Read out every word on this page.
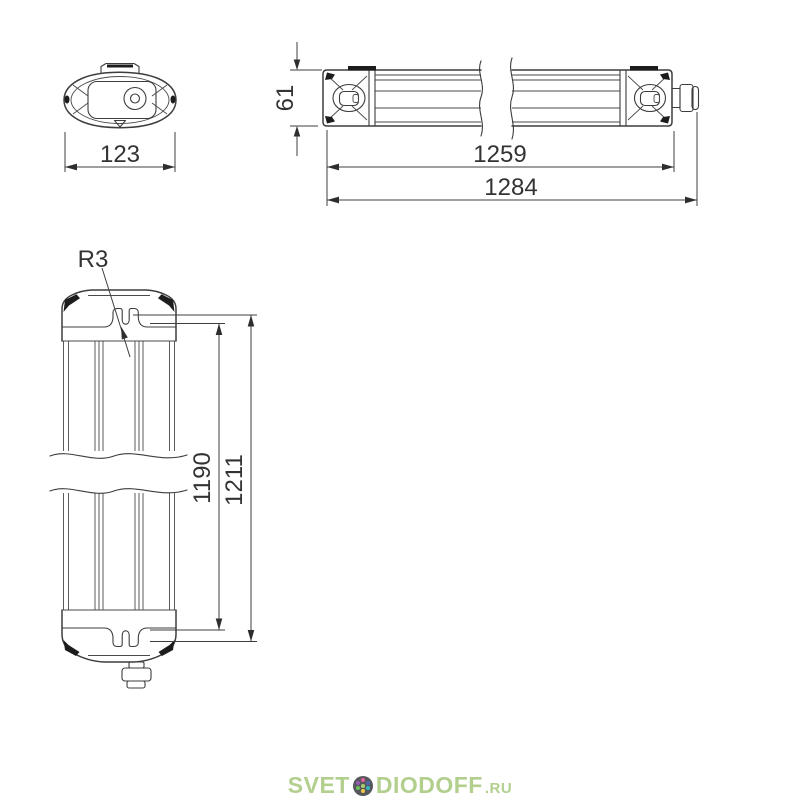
123
61
1259
1284
R3
1190 1211
SVET DIODOFF .RU
